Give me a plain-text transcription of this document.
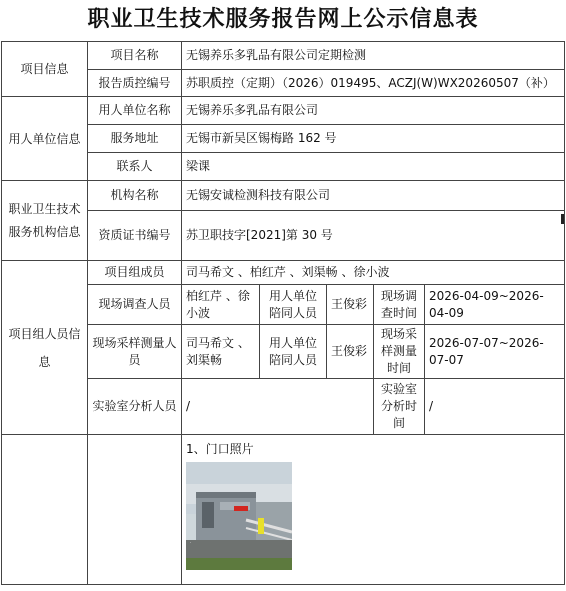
职业卫生技术服务报告网上公示信息表
项目信息	项目名称	无锡养乐多乳品有限公司定期检测				
	报告质控编号	苏职质控（定期）（2026）019495、ACZJ(W)WX20260507（补）				
用人单位信息	用人单位名称	无锡养乐多乳品有限公司				
	服务地址	无锡市新吴区锡梅路 162 号				
	联系人	梁课				
职业卫生技术服务机构信息	机构名称	无锡安诚检测科技有限公司				
	资质证书编号	苏卫职技字[2021]第 30 号				
项目组人员信息	项目组成员	司马希文 、柏红芹 、刘渠畅 、徐小波				
	现场调查人员	柏红芹 、徐小波	用人单位陪同人员	王俊彩	现场调查时间	2026-04-09~2026-04-09
	现场采样测量人员	司马希文 、刘渠畅	用人单位陪同人员	王俊彩	现场采样测量时间	2026-07-07~2026-07-07
	实验室分析人员	/			实验室分析时间	/

		1、门口照片
·				
